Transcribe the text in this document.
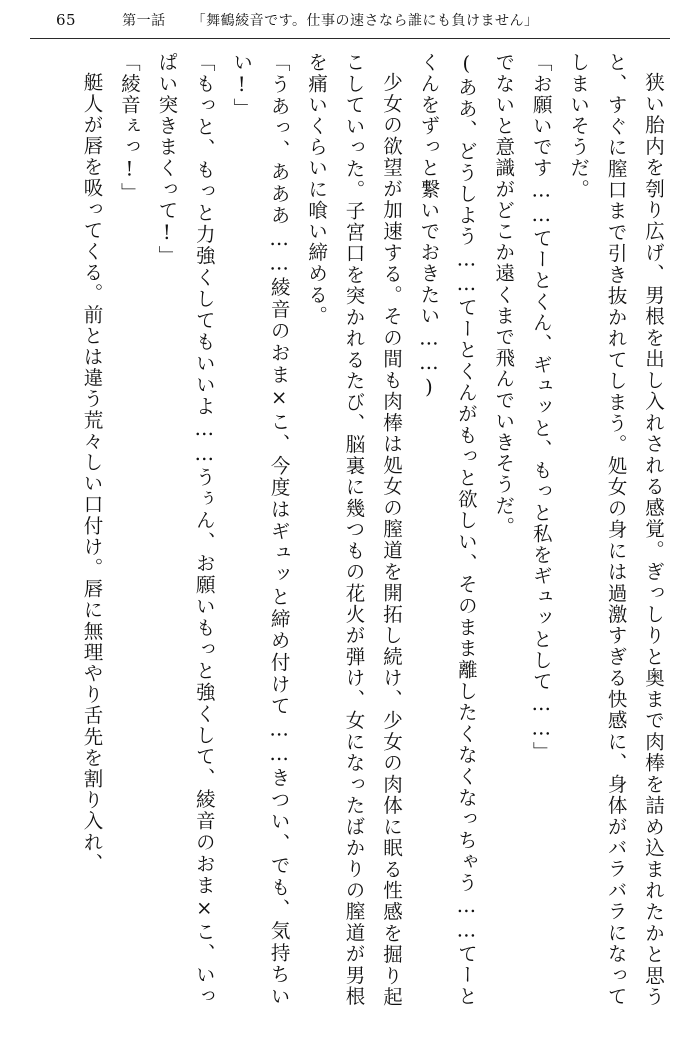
65	第一話 「舞鶴綾音です。仕事の速さなら誰にも負けません」

狭い胎内を刳り広げ、男根を出し入れされる感覚。ぎっしりと奥まで肉棒を詰め込まれたかと思うと、すぐに膣口まで引き抜かれてしまう。処女の身には過激すぎる快感に、身体がバラバラになってしまいそうだ。

「お願いです……てーとくん、ギュッと、もっと私をギュッとして……」

でないと意識がどこか遠くまで飛んでいきそうだ。

(ああ、どうしよう……てーとくんがもっと欲しい、そのまま離したくなくなっちゃう……てーとくんをずっと繋いでおきたい……)

少女の欲望が加速する。その間も肉棒は処女の膣道を開拓し続け、少女の肉体に眠る性感を掘り起こしていった。子宮口を突かれるたび、脳裏に幾つもの花火が弾け、女になったばかりの膣道が男根を痛いくらいに喰い締める。

「うあっ、あああ……綾音のおま×こ、今度はギュッと締め付けて……きつい、でも、気持ちいい!」

「もっと、もっと力強くしてもいいよ……うぅん、お願いもっと強くして、綾音のおま×こ、いっぱい突きまくって!」

「綾音ぇっ!」

艇人が唇を吸ってくる。前とは違う荒々しい口付け。唇に無理やり舌先を割り入れ、
